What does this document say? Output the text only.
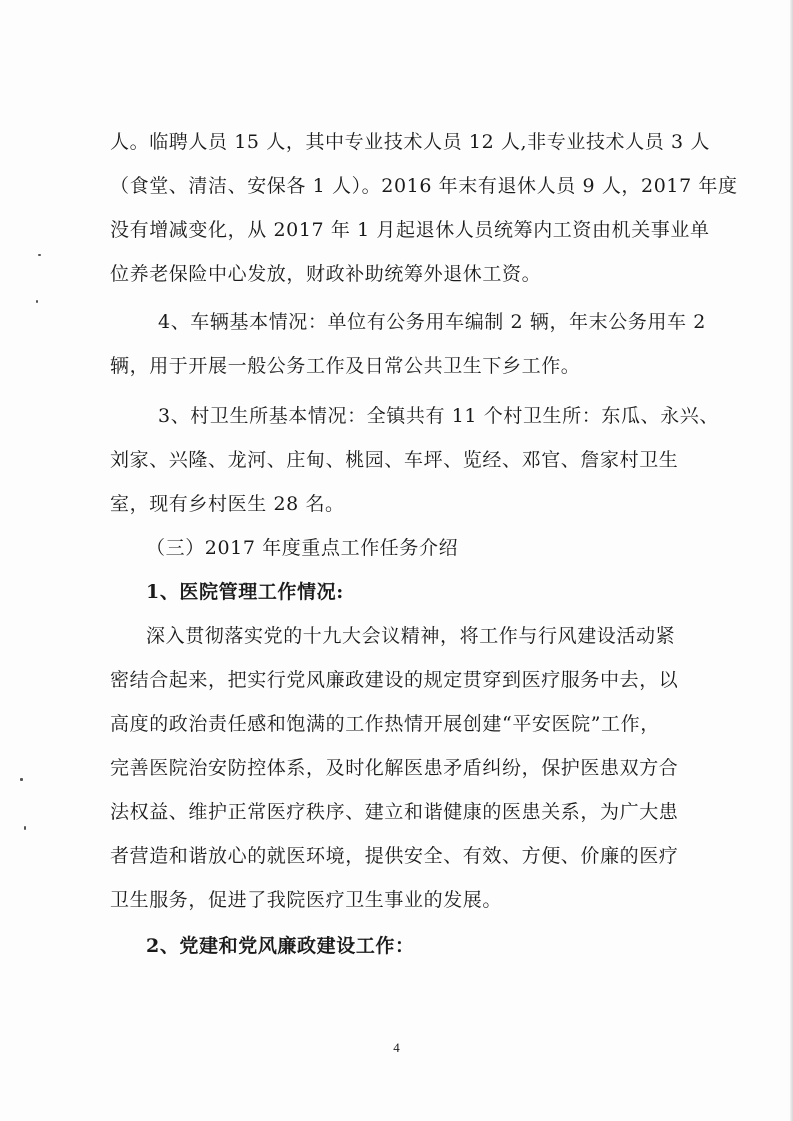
人。临聘人员 15 人，其中专业技术人员 12 人,非专业技术人员 3 人
（食堂、清洁、安保各 1 人）。2016 年末有退休人员 9 人，2017 年度
没有增减变化，从 2017 年 1 月起退休人员统筹内工资由机关事业单
位养老保险中心发放，财政补助统筹外退休工资。
4、车辆基本情况：单位有公务用车编制 2 辆，年末公务用车 2
辆，用于开展一般公务工作及日常公共卫生下乡工作。
3、村卫生所基本情况：全镇共有 11 个村卫生所：东瓜、永兴、
刘家、兴隆、龙河、庄甸、桃园、车坪、览经、邓官、詹家村卫生
室，现有乡村医生 28 名。
（三）2017 年度重点工作任务介绍
1、医院管理工作情况:
深入贯彻落实党的十九大会议精神，将工作与行风建设活动紧
密结合起来，把实行党风廉政建设的规定贯穿到医疗服务中去，以
高度的政治责任感和饱满的工作热情开展创建“平安医院”工作，
完善医院治安防控体系，及时化解医患矛盾纠纷，保护医患双方合
法权益、维护正常医疗秩序、建立和谐健康的医患关系，为广大患
者营造和谐放心的就医环境，提供安全、有效、方便、价廉的医疗
卫生服务，促进了我院医疗卫生事业的发展。
2、党建和党风廉政建设工作：
4
